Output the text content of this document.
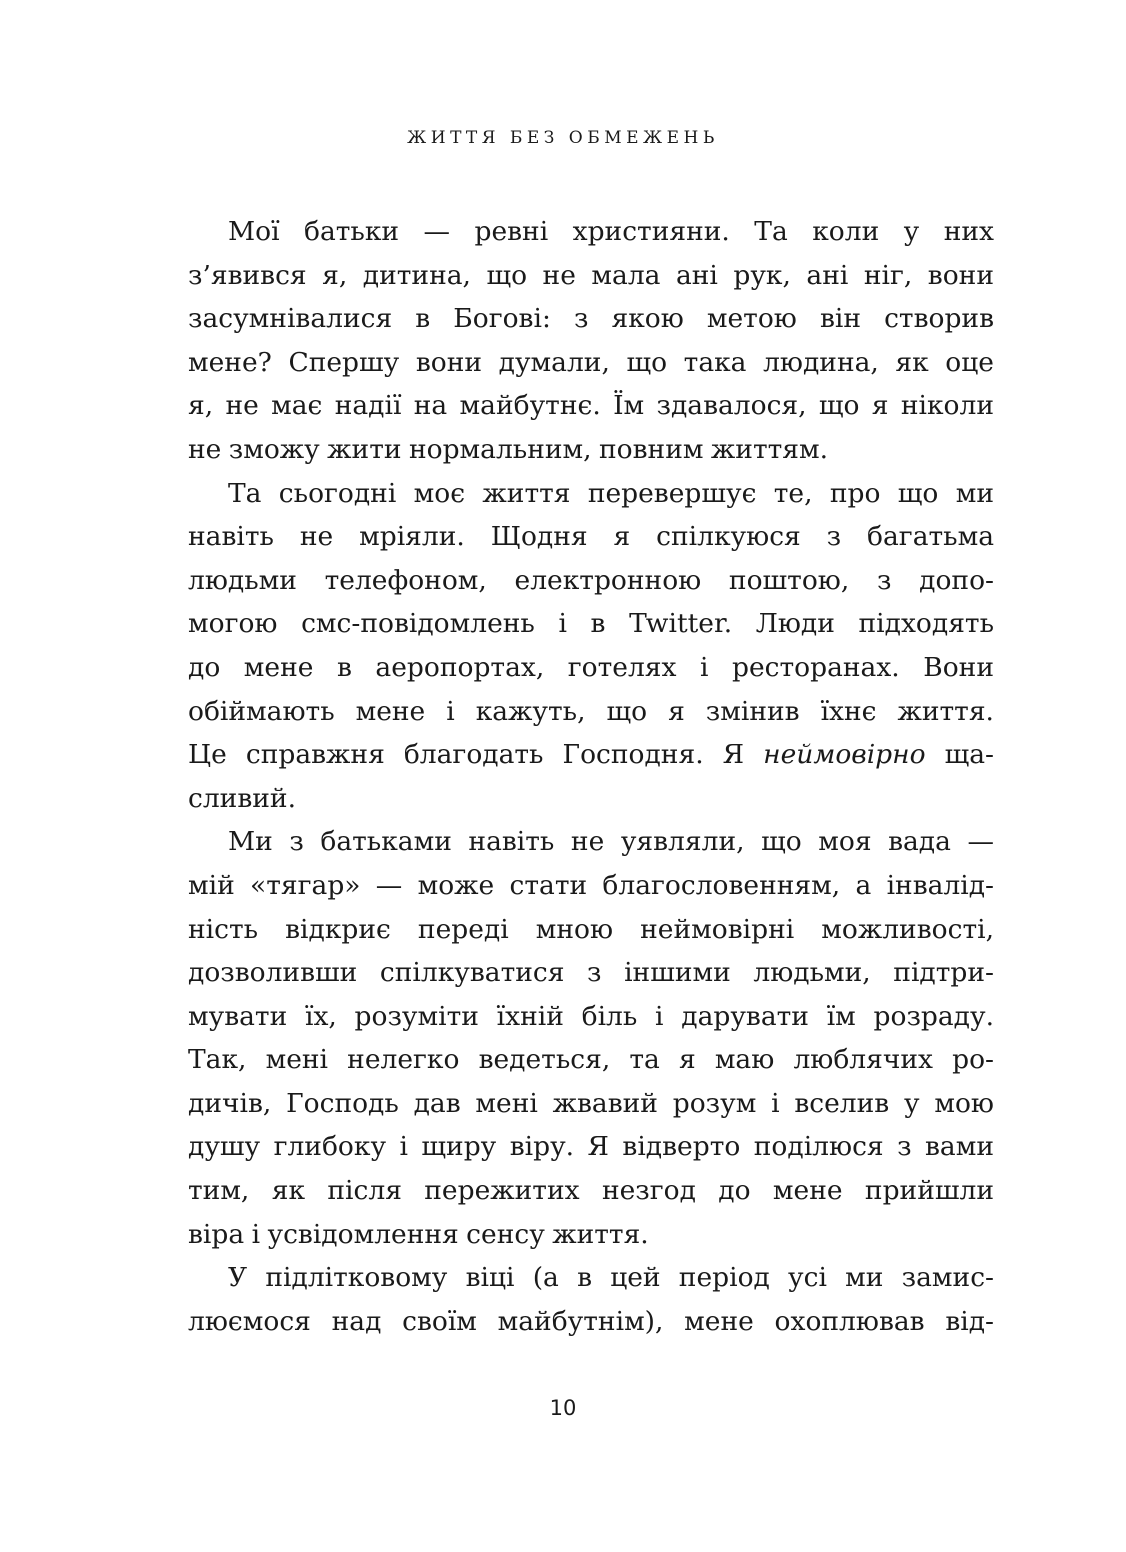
ЖИТТЯ БЕЗ ОБМЕЖЕНЬ
Мої батьки — ревні християни. Та коли у них
з’явився я, дитина, що не мала ані рук, ані ніг, вони
засумнівалися в Богові: з якою метою він створив
мене? Спершу вони думали, що така людина, як оце
я, не має надії на майбутнє. Їм здавалося, що я ніколи
не зможу жити нормальним, повним життям.
Та сьогодні моє життя перевершує те, про що ми
навіть не мріяли. Щодня я спілкуюся з багатьма
людьми телефоном, електронною поштою, з допо-
могою смс-повідомлень і в Twitter. Люди підходять
до мене в аеропортах, готелях і ресторанах. Вони
обіймають мене і кажуть, що я змінив їхнє життя.
Це справжня благодать Господня. Я неймовірно ща-
сливий.
Ми з батьками навіть не уявляли, що моя вада —
мій «тягар» — може стати благословенням, а інвалід-
ність відкриє переді мною неймовірні можливості,
дозволивши спілкуватися з іншими людьми, підтри-
мувати їх, розуміти їхній біль і дарувати їм розраду.
Так, мені нелегко ведеться, та я маю люблячих ро-
дичів, Господь дав мені жвавий розум і вселив у мою
душу глибоку і щиру віру. Я відверто поділюся з вами
тим, як після пережитих незгод до мене прийшли
віра і усвідомлення сенсу життя.
У підлітковому віці (а в цей період усі ми замис-
люємося над своїм майбутнім), мене охоплював від-
10
